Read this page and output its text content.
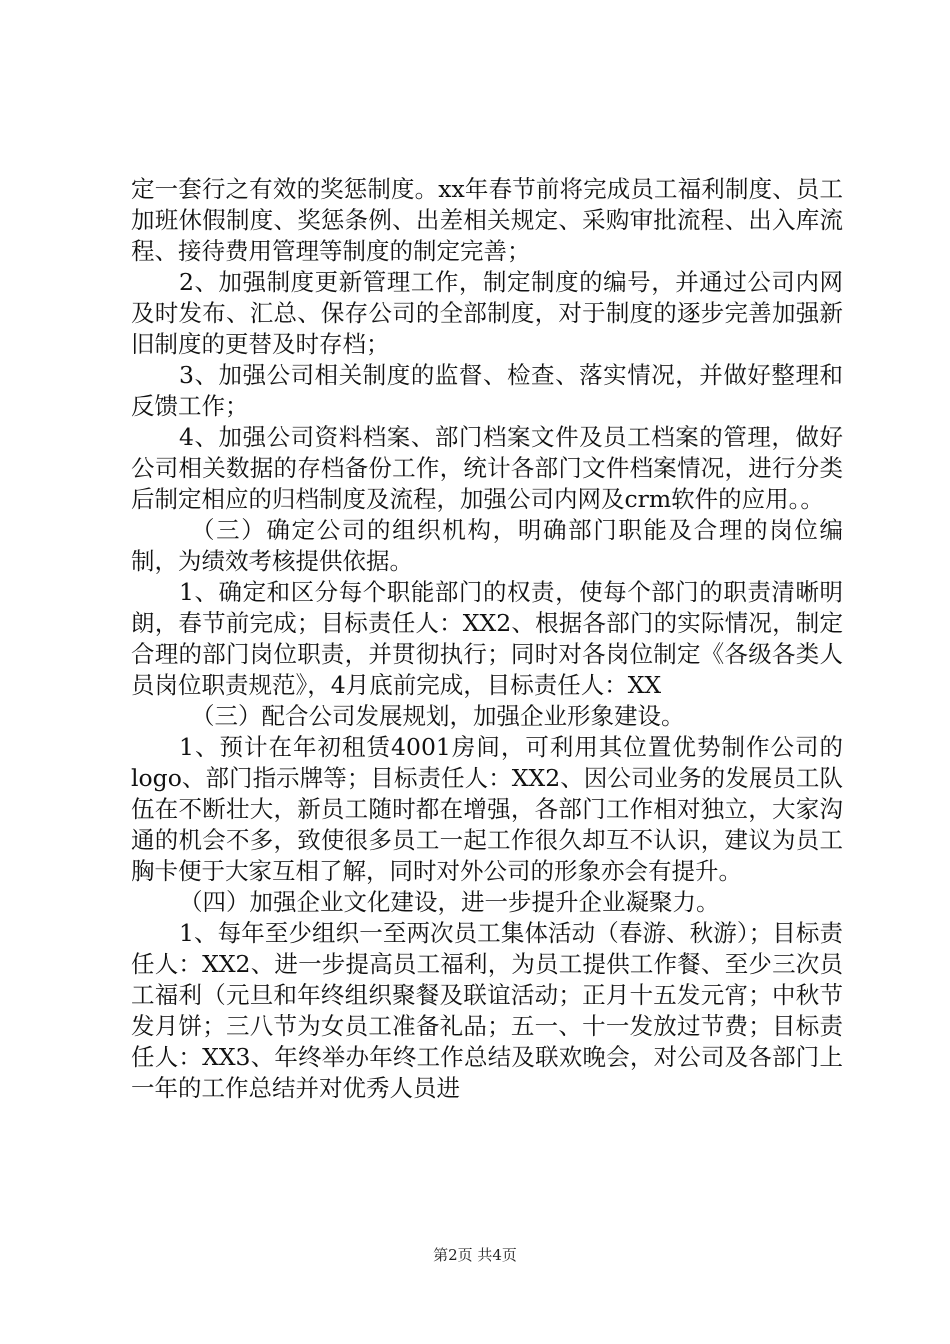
定一套行之有效的奖惩制度。xx年春节前将完成员工福利制度、员工加班休假制度、奖惩条例、出差相关规定、采购审批流程、出入库流程、接待费用管理等制度的制定完善；

2、加强制度更新管理工作，制定制度的编号，并通过公司内网及时发布、汇总、保存公司的全部制度，对于制度的逐步完善加强新旧制度的更替及时存档；

3、加强公司相关制度的监督、检查、落实情况，并做好整理和反馈工作；

4、加强公司资料档案、部门档案文件及员工档案的管理，做好公司相关数据的存档备份工作，统计各部门文件档案情况，进行分类后制定相应的归档制度及流程，加强公司内网及crm软件的应用。。

（三）确定公司的组织机构，明确部门职能及合理的岗位编制，为绩效考核提供依据。

1、确定和区分每个职能部门的权责，使每个部门的职责清晰明朗，春节前完成；目标责任人：XX2、根据各部门的实际情况，制定合理的部门岗位职责，并贯彻执行；同时对各岗位制定《各级各类人员岗位职责规范》，4月底前完成，目标责任人：XX

（三）配合公司发展规划，加强企业形象建设。

1、预计在年初租赁4001房间，可利用其位置优势制作公司的logo、部门指示牌等；目标责任人：XX2、因公司业务的发展员工队伍在不断壮大，新员工随时都在增强，各部门工作相对独立，大家沟通的机会不多，致使很多员工一起工作很久却互不认识，建议为员工胸卡便于大家互相了解，同时对外公司的形象亦会有提升。

（四）加强企业文化建设，进一步提升企业凝聚力。

1、每年至少组织一至两次员工集体活动（春游、秋游）；目标责任人：XX2、进一步提高员工福利，为员工提供工作餐、至少三次员工福利（元旦和年终组织聚餐及联谊活动；正月十五发元宵；中秋节发月饼；三八节为女员工准备礼品；五一、十一发放过节费；目标责任人：XX3、年终举办年终工作总结及联欢晚会，对公司及各部门上一年的工作总结并对优秀人员进

第2页 共4页
